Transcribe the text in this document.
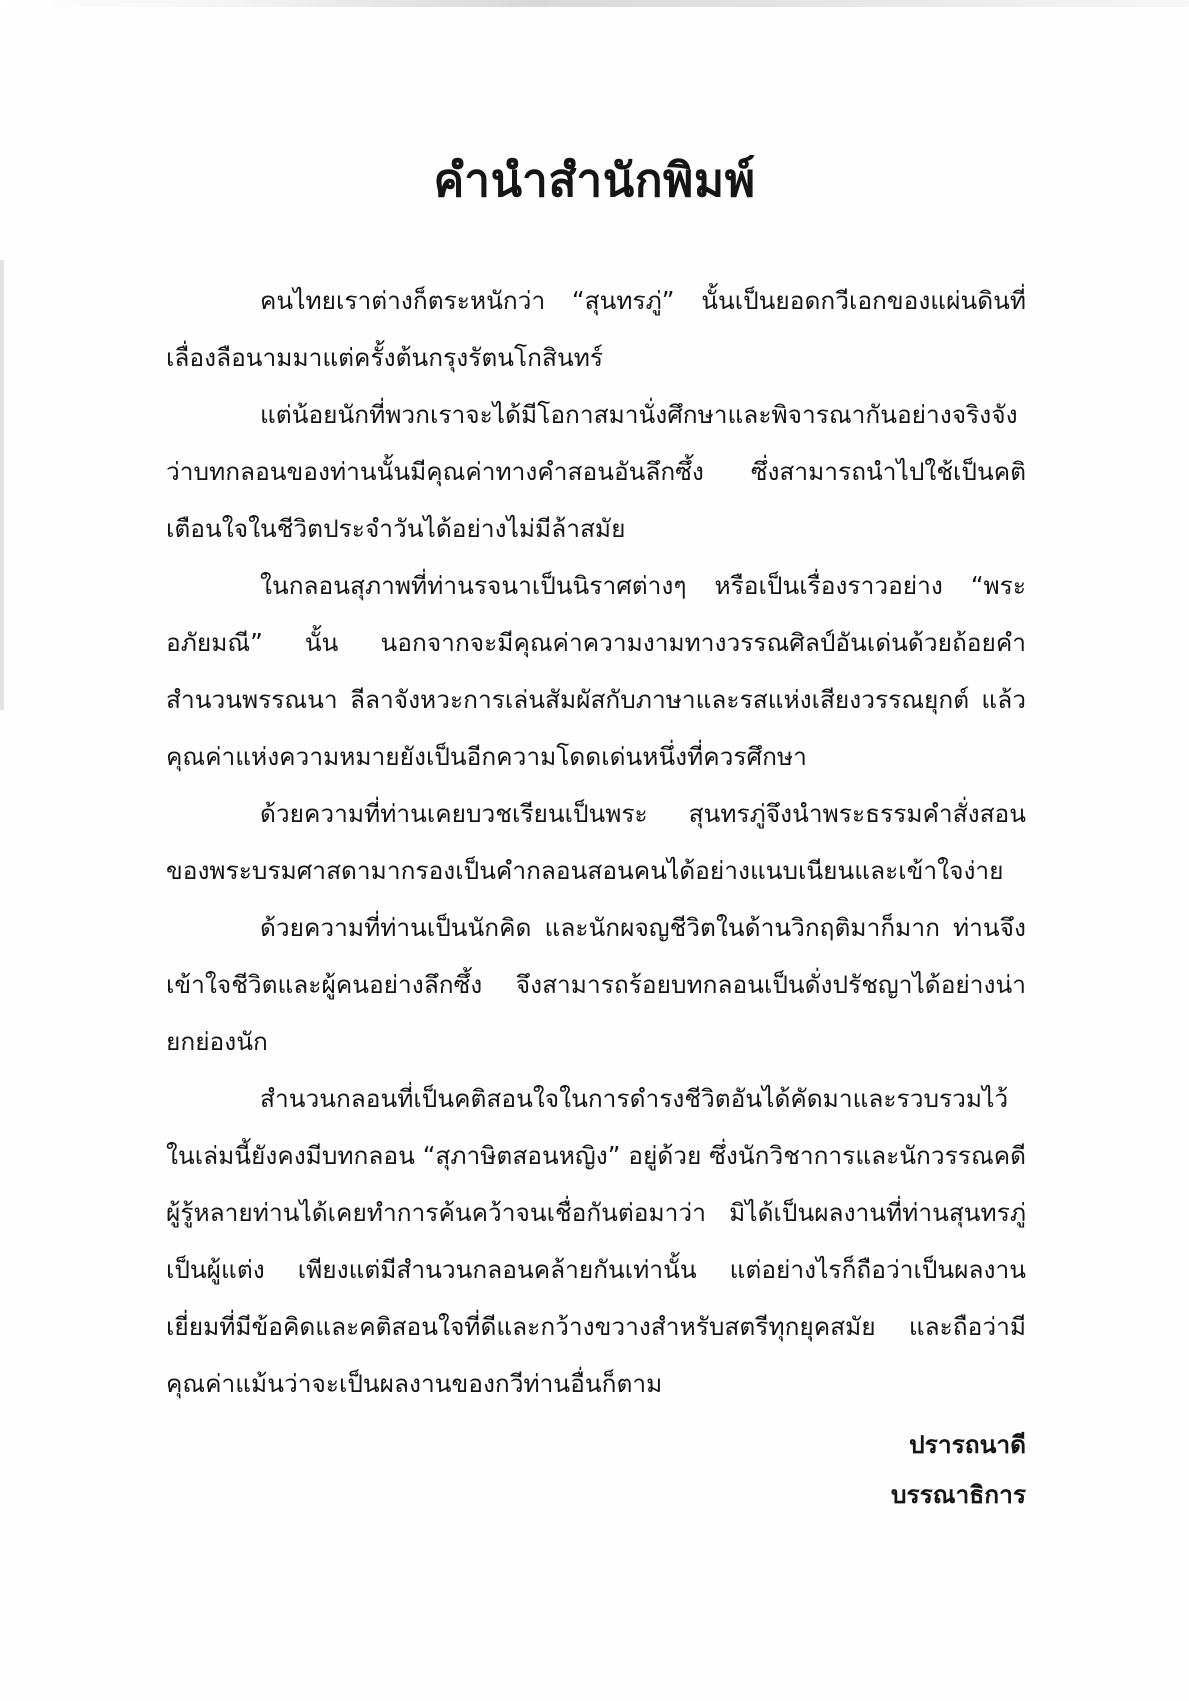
คำนำสำนักพิมพ์

คนไทยเราต่างก็ตระหนักว่า “สุนทรภู่” นั้นเป็นยอดกวีเอกของแผ่นดินที่เลื่องลือนามมาแต่ครั้งต้นกรุงรัตนโกสินทร์

แต่น้อยนักที่พวกเราจะได้มีโอกาสมานั่งศึกษาและพิจารณากันอย่างจริงจังว่าบทกลอนของท่านนั้นมีคุณค่าทางคำสอนอันลึกซึ้ง ซึ่งสามารถนำไปใช้เป็นคติเตือนใจในชีวิตประจำวันได้อย่างไม่มีล้าสมัย

ในกลอนสุภาพที่ท่านรจนาเป็นนิราศต่างๆ หรือเป็นเรื่องราวอย่าง “พระอภัยมณี” นั้น นอกจากจะมีคุณค่าความงามทางวรรณศิลป์อันเด่นด้วยถ้อยคำสำนวนพรรณนา ลีลาจังหวะการเล่นสัมผัสกับภาษาและรสแห่งเสียงวรรณยุกต์ แล้วคุณค่าแห่งความหมายยังเป็นอีกความโดดเด่นหนึ่งที่ควรศึกษา

ด้วยความที่ท่านเคยบวชเรียนเป็นพระ สุนทรภู่จึงนำพระธรรมคำสั่งสอนของพระบรมศาสดามากรองเป็นคำกลอนสอนคนได้อย่างแนบเนียนและเข้าใจง่าย

ด้วยความที่ท่านเป็นนักคิด และนักผจญชีวิตในด้านวิกฤติมาก็มาก ท่านจึงเข้าใจชีวิตและผู้คนอย่างลึกซึ้ง จึงสามารถร้อยบทกลอนเป็นดั่งปรัชญาได้อย่างน่ายกย่องนัก

สำนวนกลอนที่เป็นคติสอนใจในการดำรงชีวิตอันได้คัดมาและรวบรวมไว้ในเล่มนี้ยังคงมีบทกลอน “สุภาษิตสอนหญิง” อยู่ด้วย ซึ่งนักวิชาการและนักวรรณคดีผู้รู้หลายท่านได้เคยทำการค้นคว้าจนเชื่อกันต่อมาว่า มิได้เป็นผลงานที่ท่านสุนทรภู่เป็นผู้แต่ง เพียงแต่มีสำนวนกลอนคล้ายกันเท่านั้น แต่อย่างไรก็ถือว่าเป็นผลงานเยี่ยมที่มีข้อคิดและคติสอนใจที่ดีและกว้างขวางสำหรับสตรีทุกยุคสมัย และถือว่ามีคุณค่าแม้นว่าจะเป็นผลงานของกวีท่านอื่นก็ตาม

ปรารถนาดี

บรรณาธิการ
